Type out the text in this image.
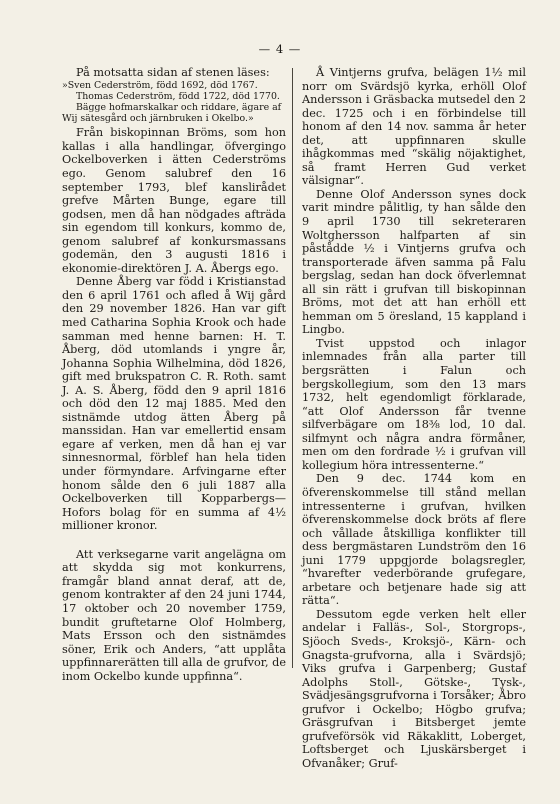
— 4 —

På motsatta sidan af stenen läses:

»Sven Cederström, född 1692, död 1767.
Thomas Cederström, född 1722, död 1770.
Bägge hofmarskalkar och riddare, ägare af
Wij sätesgård och järnbruken i Okelbo.»

Från biskopinnan Bröms, som hon kallas i alla handlingar, öfvergingo Ockelboverken i ätten Cederströms ego. Genom salubref den 16 september 1793, blef kanslirådet grefve Mårten Bunge, egare till godsen, men då han nödgades afträda sin egendom till konkurs, kommo de, genom salubref af konkursmassans godemän, den 3 augusti 1816 i ekonomie-direktören J. A. Åbergs ego.

Denne Åberg var född i Kristianstad den 6 april 1761 och afled å Wij gård den 29 november 1826. Han var gift med Catharina Sophia Krook och hade samman med henne barnen: H. T. Åberg, död utomlands i yngre år, Johanna Sophia Wilhelmina, död 1826, gift med brukspatron C. R. Roth. samt J. A. S. Åberg, född den 9 april 1816 och död den 12 maj 1885. Med den sistnämde utdog ätten Åberg på manssidan. Han var emellertid ensam egare af verken, men då han ej var sinnesnormal, förblef han hela tiden under förmyndare. Arfvingarne efter honom sålde den 6 juli 1887 alla Ockelboverken till Kopparbergs—Hofors bolag för en summa af 4½ millioner kronor.

Att verksegarne varit angelägna om att skydda sig mot konkurrens, framgår bland annat deraf, att de, genom kontrakter af den 24 juni 1744, 17 oktober och 20 november 1759, bundit gruftetarne Olof Holmberg, Mats Ersson och den sistnämdes söner, Erik och Anders, “att upplåta uppfinnarerätten till alla de grufvor, de inom Ockelbo kunde uppfinna“.

Å Vintjerns grufva, belägen 1½ mil norr om Svärdsjö kyrka, erhöll Olof Andersson i Gräsbacka mutsedel den 2 dec. 1725 och i en förbindelse till honom af den 14 nov. samma år heter det, att uppfinnaren skulle ihågkommas med “skälig nöjaktighet, så framt Herren Gud verket välsignar“.

Denne Olof Andersson synes dock varit mindre pålitlig, ty han sålde den 9 april 1730 till sekreteraren Woltghersson halfparten af sin påstådde ½ i Vintjerns grufva och transporterade äfven samma på Falu bergslag, sedan han dock öfverlemnat all sin rätt i grufvan till biskopinnan Bröms, mot det att han erhöll ett hemman om 5 öresland, 15 kappland i Lingbo.

Tvist uppstod och inlagor inlemnades från alla parter till bergsrätten i Falun och bergskollegium, som den 13 mars 1732, helt egendomligt förklarade, “att Olof Andersson får tvenne silfverbägare om 18⅜ lod, 10 dal. silfmynt och några andra förmåner, men om den fordrade ½ i grufvan vill kollegium höra intressenterne.“

Den 9 dec. 1744 kom en öfverenskommelse till stånd mellan intressenterne i grufvan, hvilken öfverenskommelse dock bröts af flere och vållade åtskilliga konflikter till dess bergmästaren Lundström den 16 juni 1779 uppgjorde bolagsregler, “hvarefter vederbörande grufegare, arbetare och betjenare hade sig att rätta“.

Dessutom egde verken helt eller andelar i Falläs-, Sol-, Storgrops-, Sjöoch Sveds-, Kroksjö-, Kärn- och Gnagsta-grufvorna, alla i Svärdsjö; Viks grufva i Garpenberg; Gustaf Adolphs Stoll-, Götske-, Tysk-, Svädjesängsgrufvorna i Torsåker; Åbro grufvor i Ockelbo; Högbo grufva; Gräsgrufvan i Bitsberget jemte grufveförsök vid Räkaklitt, Loberget, Loftsberget och Ljuskärsberget i Ofvanåker; Gruf-
